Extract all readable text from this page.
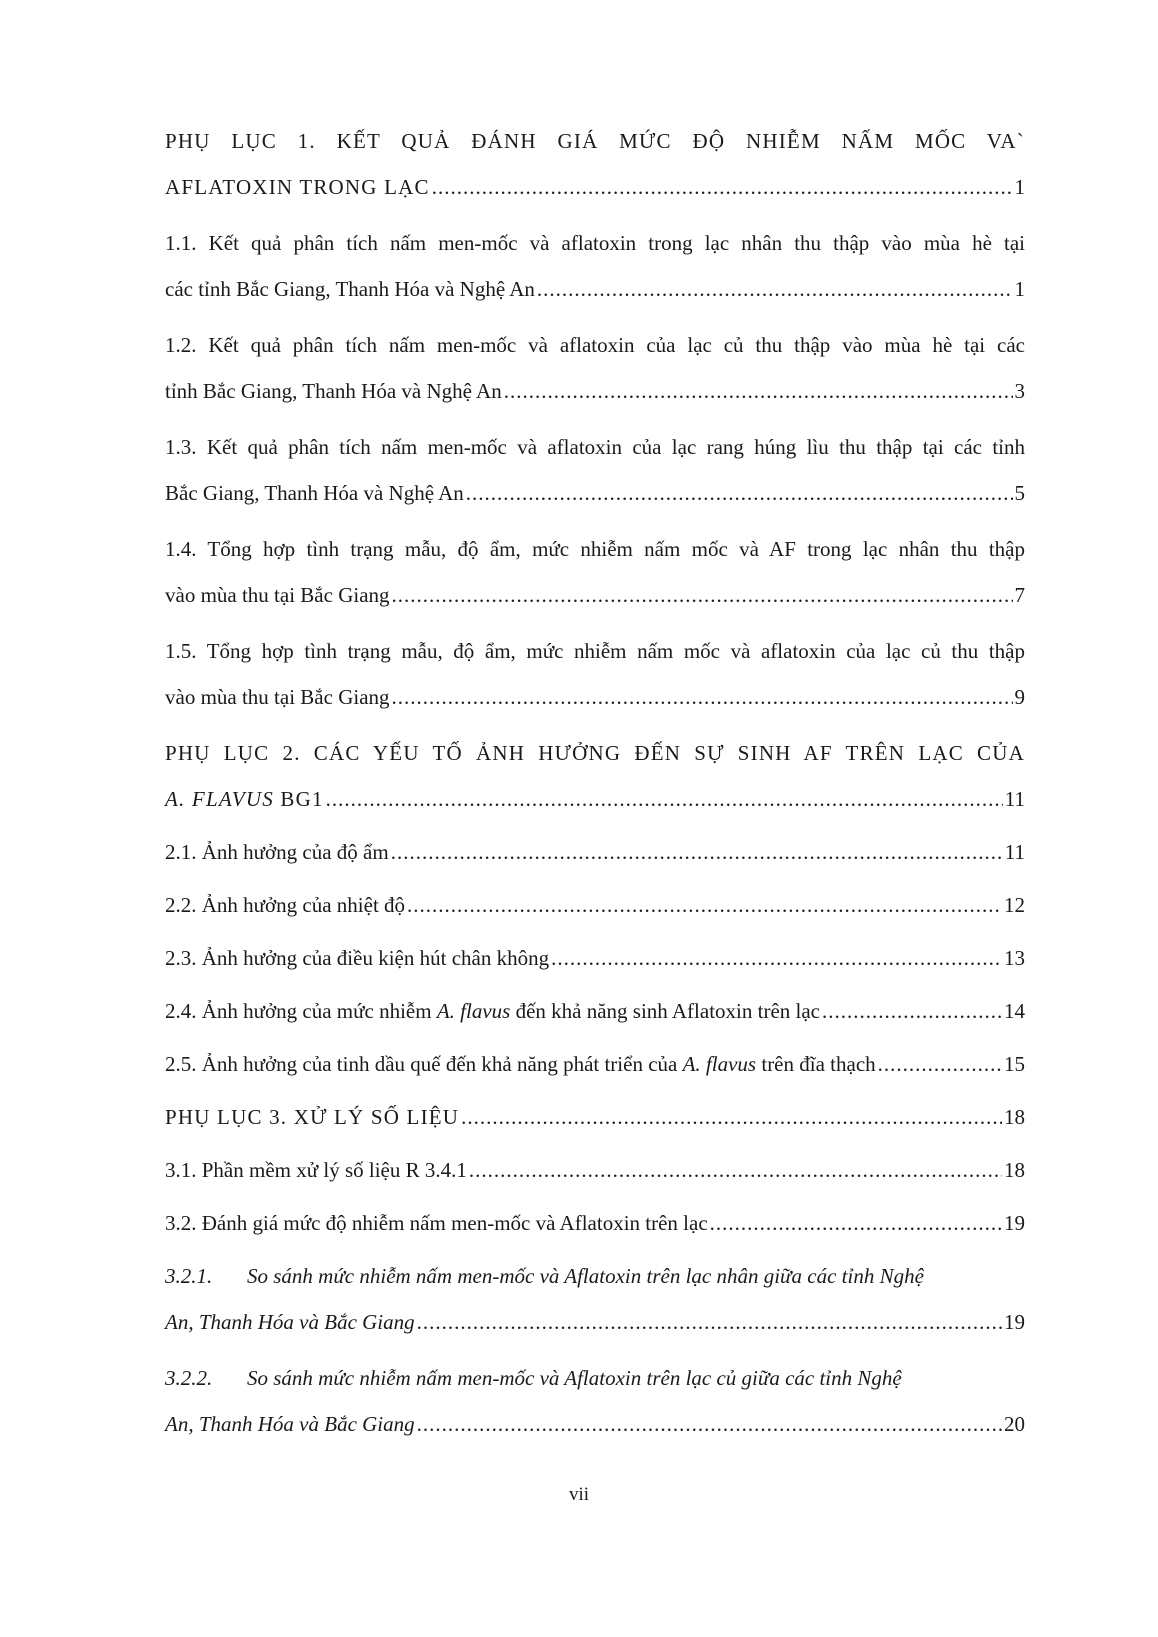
PHỤ LỤC 1. KẾT QUẢ ĐÁNH GIÁ MỨC ĐỘ NHIỄM NẤM MỐC VA`
AFLATOXIN TRONG LẠC .....	1
1.1. Kết quả phân tích nấm men-mốc và aflatoxin trong lạc nhân thu thập vào mùa hè tại
các tỉnh Bắc Giang, Thanh Hóa và Nghệ An .....	1
1.2. Kết quả phân tích nấm men-mốc và aflatoxin của lạc củ thu thập vào mùa hè tại các
tỉnh Bắc Giang, Thanh Hóa và Nghệ An .....	3
1.3. Kết quả phân tích nấm men-mốc và aflatoxin của lạc rang húng lìu thu thập tại các tỉnh
Bắc Giang, Thanh Hóa và Nghệ An .....	5
1.4. Tổng hợp tình trạng mẫu, độ ẩm, mức nhiễm nấm mốc và AF trong lạc nhân thu thập
vào mùa thu tại Bắc Giang .....	7
1.5. Tổng hợp tình trạng mẫu, độ ẩm, mức nhiễm nấm mốc và aflatoxin của lạc củ thu thập
vào mùa thu tại Bắc Giang .....	9
PHỤ LỤC 2. CÁC YẾU TỐ ẢNH HƯỞNG ĐẾN SỰ SINH AF TRÊN LẠC CỦA
A. FLAVUS BG1 .....	11
2.1. Ảnh hưởng của độ ẩm .....	11
2.2. Ảnh hưởng của nhiệt độ .....	12
2.3. Ảnh hưởng của điều kiện hút chân không .....	13
2.4. Ảnh hưởng của mức nhiễm A. flavus đến khả năng sinh Aflatoxin trên lạc .....	14
2.5. Ảnh hưởng của tinh dầu quế đến khả năng phát triển của A. flavus trên đĩa thạch .....	15
PHỤ LỤC 3. XỬ LÝ SỐ LIỆU .....	18
3.1. Phần mềm xử lý số liệu R 3.4.1 .....	18
3.2. Đánh giá mức độ nhiễm nấm men-mốc và Aflatoxin trên lạc .....	19
3.2.1. So sánh mức nhiễm nấm men-mốc và Aflatoxin trên lạc nhân giữa các tỉnh Nghệ
An, Thanh Hóa và Bắc Giang .....	19
3.2.2. So sánh mức nhiễm nấm men-mốc và Aflatoxin trên lạc củ giữa các tỉnh Nghệ
An, Thanh Hóa và Bắc Giang .....	20
vii
